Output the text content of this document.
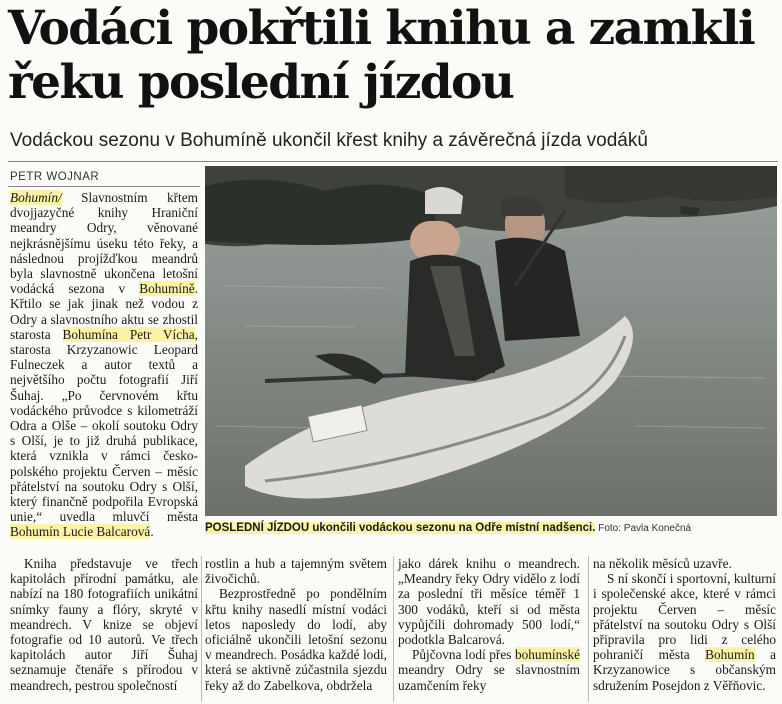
Vodáci pokřtili knihu a zamkli řeku poslední jízdou
Vodáckou sezonu v Bohumíně ukončil křest knihy a závěrečná jízda vodáků
PETR WOJNAR

Bohumín/ Slavnostním křtem dvojjazyčné knihy Hraniční meandry Odry, věnované nejkrásnějšímu úseku této řeky, a následnou projížďkou meandrů byla slavnostně ukončena letošní vodácká sezona v Bohumíně. Křtilo se jak jinak než vodou z Odry a slavnostního aktu se zhostil starosta Bohumína Petr Vícha, starosta Krzyzanowic Leopard Fulneczek a autor textů a největšího počtu fotografií Jiří Šuhaj. „Po červnovém křtu vodáckého průvodce s kilometráží Odra a Olše – okolí soutoku Odry s Olší, je to již druhá publikace, která vznikla v rámci česko-polského projektu Červen – měsíc přátelství na soutoku Odry s Olší, který finančně podpořila Evropská unie,“ uvedla mluvčí města Bohumín Lucie Balcarová.	POSLEDNÍ JÍZDOU ukončili vodáckou sezonu na Odře místní nadšenci. Foto: Pavla Konečná

Kniha představuje ve třech kapitolách přírodní památku, ale nabízí na 180 fotografiích unikátní snímky fauny a flóry, skryté v meandrech. V knize se objeví fotografie od 10 autorů. Ve třech kapitolách autor Jiří Šuhaj seznamuje čtenáře s přírodou v meandrech, pestrou společností

rostlin a hub a tajemným světem živočichů.

Bezprostředně po pondělním křtu knihy nasedlí místní vodáci letos naposledy do lodí, aby oficiálně ukončili letošní sezonu v meandrech. Posádka každé lodi, která se aktivně zúčastnila sjezdu řeky až do Zabelkova, obdržela

jako dárek knihu o meandrech. „Meandry řeky Odry vidělo z lodí za poslední tři měsíce téměř 1 300 vodáků, kteří si od města vypůjčili dohromady 500 lodí,“ podotkla Balcarová.

Půjčovna lodí přes bohumínské meandry Odry se slavnostním uzamčením řeky

na několik měsíců uzavře.

S ní skončí i sportovní, kulturní i společenské akce, které v rámci projektu Červen – měsíc přátelství na soutoku Odry s Olší připravila pro lidi z celého pohraničí města Bohumín a Krzyzanowice s občanským sdružením Posejdon z Věřňovic.
